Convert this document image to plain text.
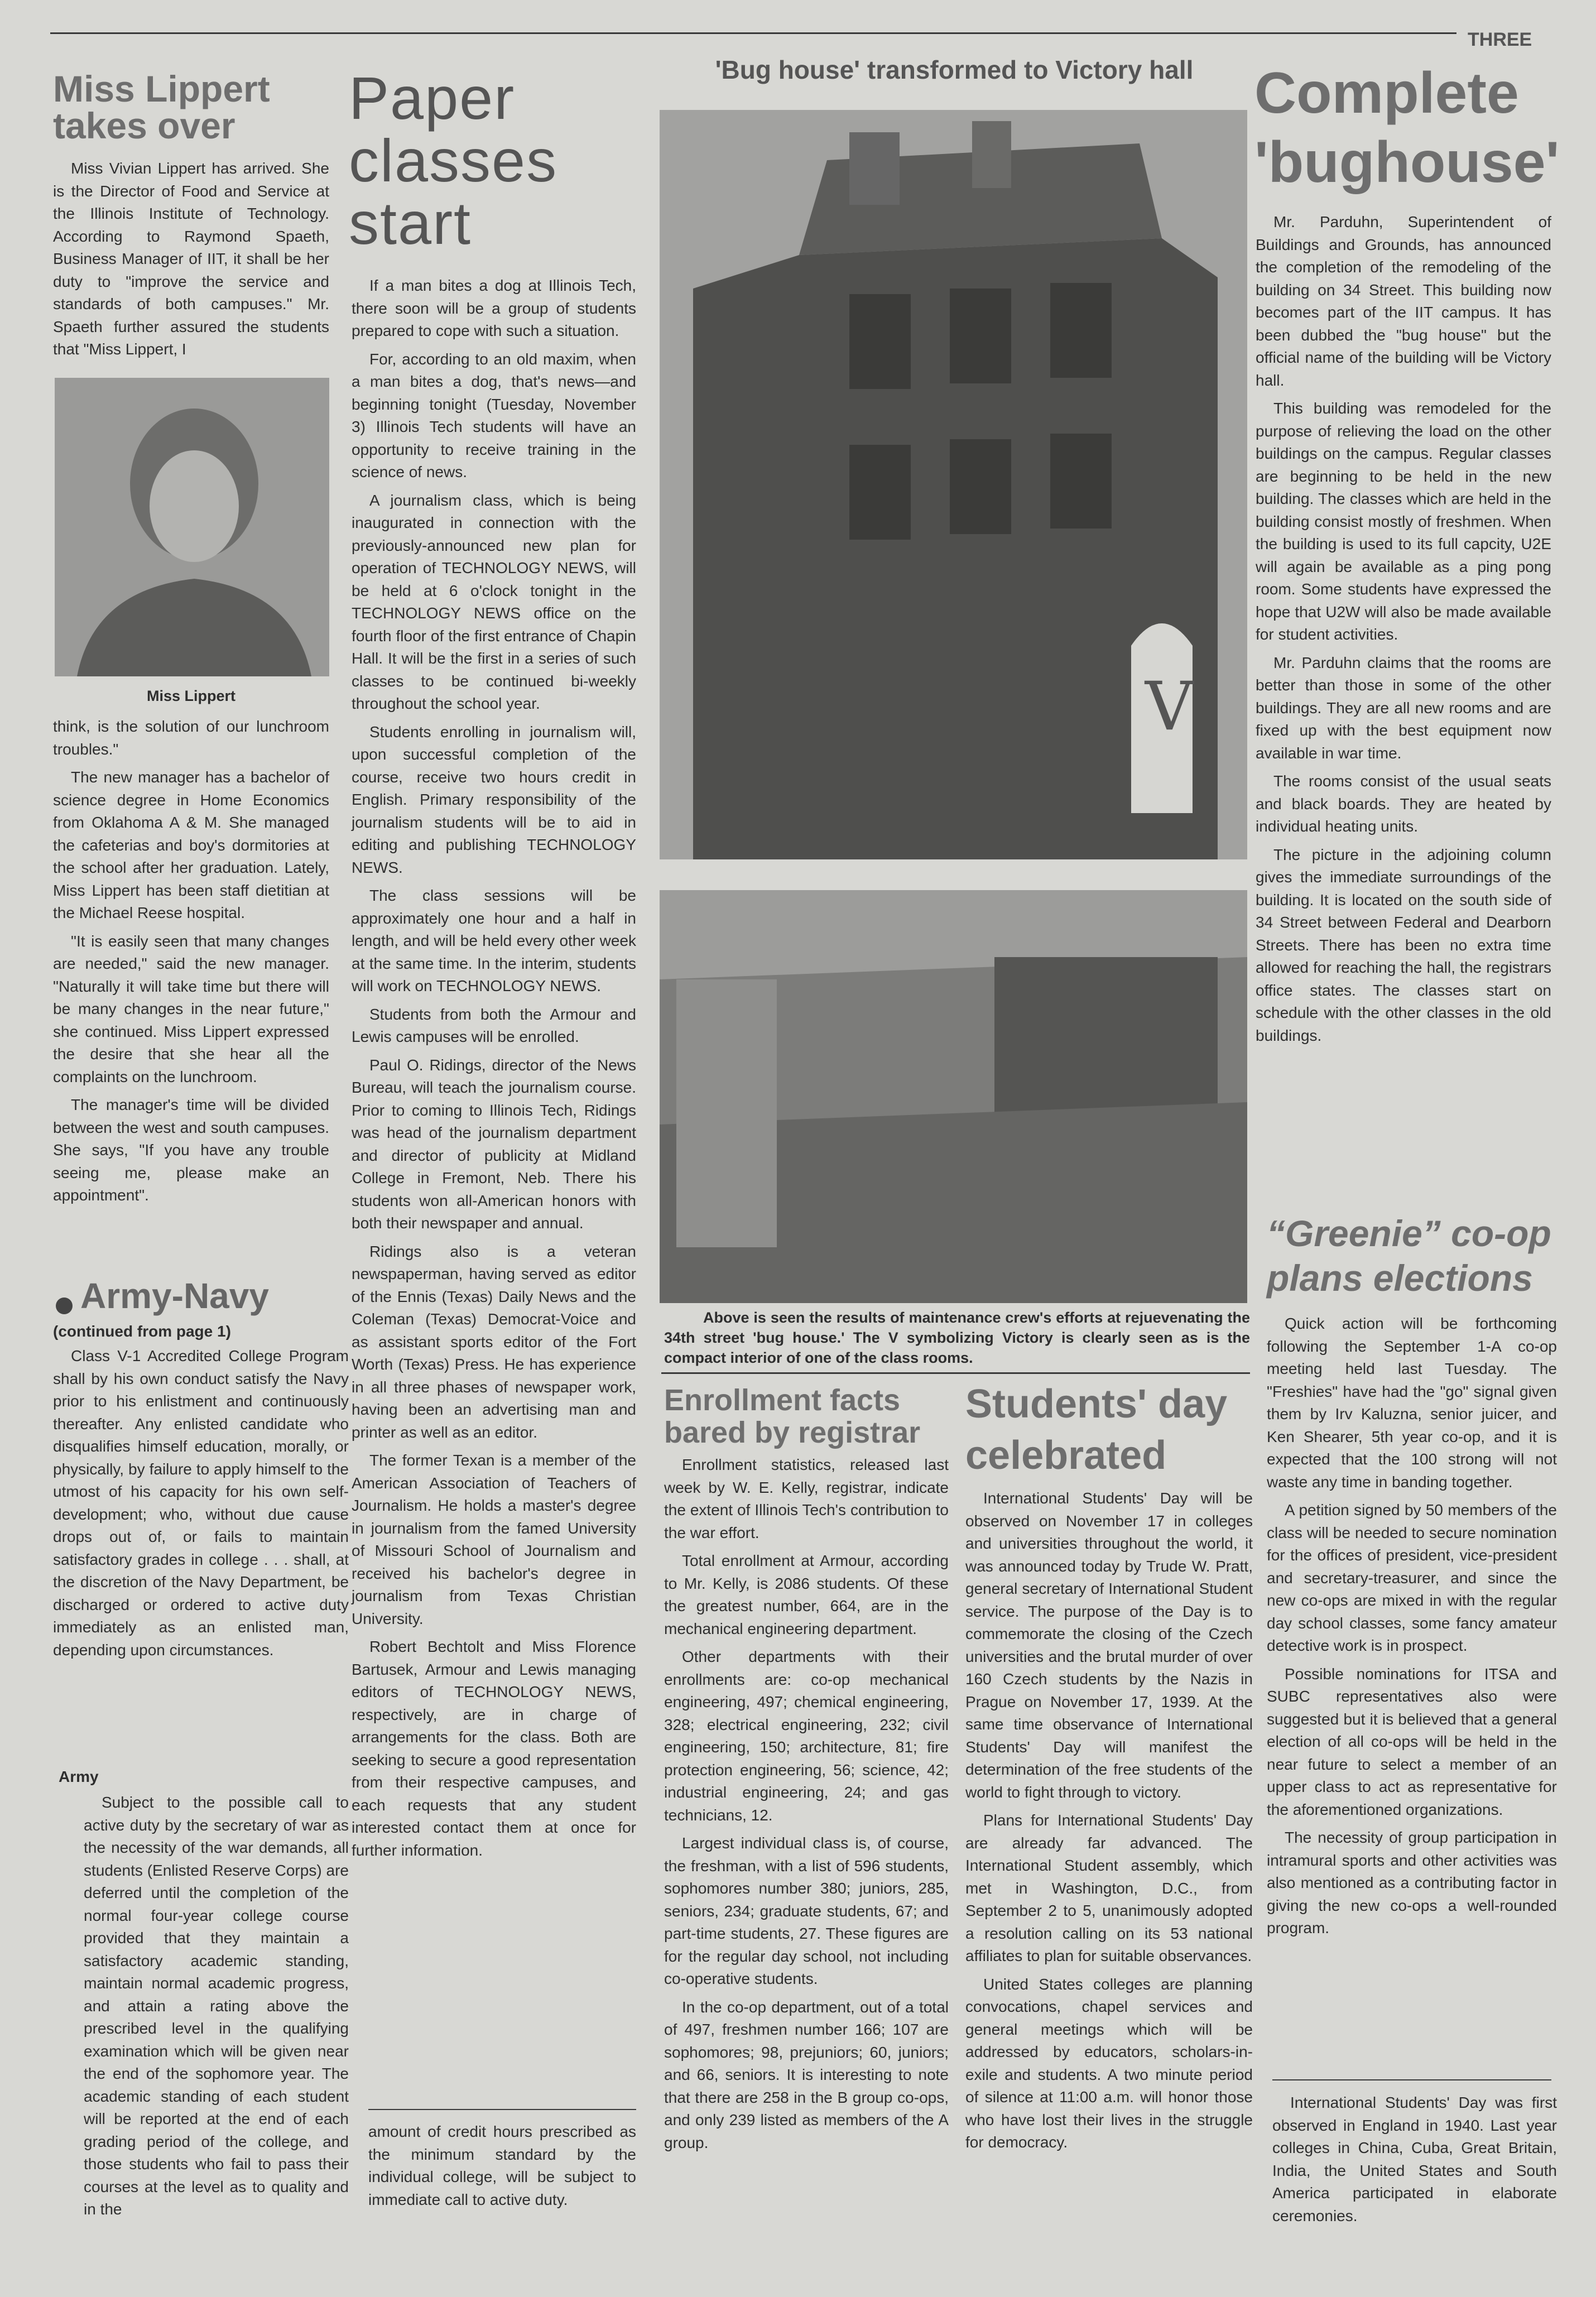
THREE
Miss Lippert takes over

Miss Vivian Lippert has arrived. She is the Director of Food and Service at the Illinois Institute of Technology. According to Raymond Spaeth, Business Manager of IIT, it shall be her duty to "improve the service and standards of both campuses." Mr. Spaeth further assured the students that "Miss Lippert, I

Miss Lippert

think, is the solution of our lunchroom troubles."

The new manager has a bachelor of science degree in Home Economics from Oklahoma A & M. She managed the cafeterias and boy's dormitories at the school after her graduation. Lately, Miss Lippert has been staff dietitian at the Michael Reese hospital.

"It is easily seen that many changes are needed," said the new manager. "Naturally it will take time but there will be many changes in the near future," she continued. Miss Lippert expressed the desire that she hear all the complaints on the lunchroom.

The manager's time will be divided between the west and south campuses. She says, "If you have any trouble seeing me, please make an appointment".

Army-Navy
(continued from page 1)

Class V-1 Accredited College Program shall by his own conduct satisfy the Navy prior to his enlistment and continuously thereafter. Any enlisted candidate who disqualifies himself education, morally, or physically, by failure to apply himself to the utmost of his capacity for his own self-development; who, without due cause drops out of, or fails to maintain satisfactory grades in college . . . shall, at the discretion of the Navy Department, be discharged or ordered to active duty immediately as an enlisted man, depending upon circumstances.

Army

Subject to the possible call to active duty by the secretary of war as the necessity of the war demands, all students (Enlisted Reserve Corps) are deferred until the completion of the normal four-year college course provided that they maintain a satisfactory academic standing, maintain normal academic progress, and attain a rating above the prescribed level in the qualifying examination which will be given near the end of the sophomore year. The academic standing of each student will be reported at the end of each grading period of the college, and those students who fail to pass their courses at the level as to quality and in the

Paper classes start

If a man bites a dog at Illinois Tech, there soon will be a group of students prepared to cope with such a situation.

For, according to an old maxim, when a man bites a dog, that's news—and beginning tonight (Tuesday, November 3) Illinois Tech students will have an opportunity to receive training in the science of news.

A journalism class, which is being inaugurated in connection with the previously-announced new plan for operation of TECHNOLOGY NEWS, will be held at 6 o'clock tonight in the TECHNOLOGY NEWS office on the fourth floor of the first entrance of Chapin Hall. It will be the first in a series of such classes to be continued bi-weekly throughout the school year.

Students enrolling in journalism will, upon successful completion of the course, receive two hours credit in English. Primary responsibility of the journalism students will be to aid in editing and publishing TECHNOLOGY NEWS.

The class sessions will be approximately one hour and a half in length, and will be held every other week at the same time. In the interim, students will work on TECHNOLOGY NEWS.

Students from both the Armour and Lewis campuses will be enrolled.

Paul O. Ridings, director of the News Bureau, will teach the journalism course. Prior to coming to Illinois Tech, Ridings was head of the journalism department and director of publicity at Midland College in Fremont, Neb. There his students won all-American honors with both their newspaper and annual.

Ridings also is a veteran newspaperman, having served as editor of the Ennis (Texas) Daily News and the Coleman (Texas) Democrat-Voice and as assistant sports editor of the Fort Worth (Texas) Press. He has experience in all three phases of newspaper work, having been an advertising man and printer as well as an editor.

The former Texan is a member of the American Association of Teachers of Journalism. He holds a master's degree in journalism from the famed University of Missouri School of Journalism and received his bachelor's degree in journalism from Texas Christian University.

Robert Bechtolt and Miss Florence Bartusek, Armour and Lewis managing editors of TECHNOLOGY NEWS, respectively, are in charge of arrangements for the class. Both are seeking to secure a good representation from their respective campuses, and each requests that any student interested contact them at once for further information.

amount of credit hours prescribed as the minimum standard by the individual college, will be subject to immediate call to active duty.

'Bug house' transformed to Victory hall
V
Above is seen the results of maintenance crew's efforts at rejuevenating the 34th street 'bug house.' The V symbolizing Victory is clearly seen as is the compact interior of one of the class rooms.
Enrollment facts bared by registrar

Enrollment statistics, released last week by W. E. Kelly, registrar, indicate the extent of Illinois Tech's contribution to the war effort.

Total enrollment at Armour, according to Mr. Kelly, is 2086 students. Of these the greatest number, 664, are in the mechanical engineering department.

Other departments with their enrollments are: co-op mechanical engineering, 497; chemical engineering, 328; electrical engineering, 232; civil engineering, 150; architecture, 81; fire protection engineering, 56; science, 42; industrial engineering, 24; and gas technicians, 12.

Largest individual class is, of course, the freshman, with a list of 596 students, sophomores number 380; juniors, 285, seniors, 234; graduate students, 67; and part-time students, 27. These figures are for the regular day school, not including co-operative students.

In the co-op department, out of a total of 497, freshmen number 166; 107 are sophomores; 98, prejuniors; 60, juniors; and 66, seniors. It is interesting to note that there are 258 in the B group co-ops, and only 239 listed as members of the A group.

Students' day celebrated

International Students' Day will be observed on November 17 in colleges and universities throughout the world, it was announced today by Trude W. Pratt, general secretary of International Student service. The purpose of the Day is to commemorate the closing of the Czech universities and the brutal murder of over 160 Czech students by the Nazis in Prague on November 17, 1939. At the same time observance of International Students' Day will manifest the determination of the free students of the world to fight through to victory.

Plans for International Students' Day are already far advanced. The International Student assembly, which met in Washington, D.C., from September 2 to 5, unanimously adopted a resolution calling on its 53 national affiliates to plan for suitable observances.

United States colleges are planning convocations, chapel services and general meetings which will be addressed by educators, scholars-in-exile and students. A two minute period of silence at 11:00 a.m. will honor those who have lost their lives in the struggle for democracy.

Complete 'bughouse'

Mr. Parduhn, Superintendent of Buildings and Grounds, has announced the completion of the remodeling of the building on 34 Street. This building now becomes part of the IIT campus. It has been dubbed the "bug house" but the official name of the building will be Victory hall.

This building was remodeled for the purpose of relieving the load on the other buildings on the campus. Regular classes are beginning to be held in the new building. The classes which are held in the building consist mostly of freshmen. When the building is used to its full capcity, U2E will again be available as a ping pong room. Some students have expressed the hope that U2W will also be made available for student activities.

Mr. Parduhn claims that the rooms are better than those in some of the other buildings. They are all new rooms and are fixed up with the best equipment now available in war time.

The rooms consist of the usual seats and black boards. They are heated by individual heating units.

The picture in the adjoining column gives the immediate surroundings of the building. It is located on the south side of 34 Street between Federal and Dearborn Streets. There has been no extra time allowed for reaching the hall, the registrars office states. The classes start on schedule with the other classes in the old buildings.

“Greenie” co-op plans elections

Quick action will be forthcoming following the September 1-A co-op meeting held last Tuesday. The "Freshies" have had the "go" signal given them by Irv Kaluzna, senior juicer, and Ken Shearer, 5th year co-op, and it is expected that the 100 strong will not waste any time in banding together.

A petition signed by 50 members of the class will be needed to secure nomination for the offices of president, vice-president and secretary-treasurer, and since the new co-ops are mixed in with the regular day school classes, some fancy amateur detective work is in prospect.

Possible nominations for ITSA and SUBC representatives also were suggested but it is believed that a general election of all co-ops will be held in the near future to select a member of an upper class to act as representative for the aforementioned organizations.

The necessity of group participation in intramural sports and other activities was also mentioned as a contributing factor in giving the new co-ops a well-rounded program.

International Students' Day was first observed in England in 1940. Last year colleges in China, Cuba, Great Britain, India, the United States and South America participated in elaborate ceremonies.
